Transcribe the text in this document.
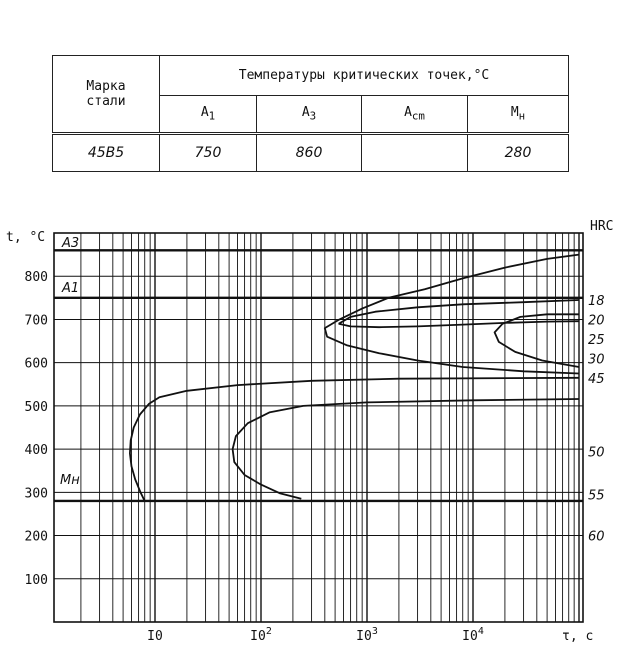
Марка
стали	Температуры критических точек,°С			
	$A_1$	$A_3$	$A_{cm}$	$M_н$
45В5	750	860		280
100
200
300
400
500
600
700
800
I0	$I0^2$	$I0^3$	$I0^4$
18
20
25
30
45
50
55
60
t, °C
τ, c
HRC
A3
A1
Mн
